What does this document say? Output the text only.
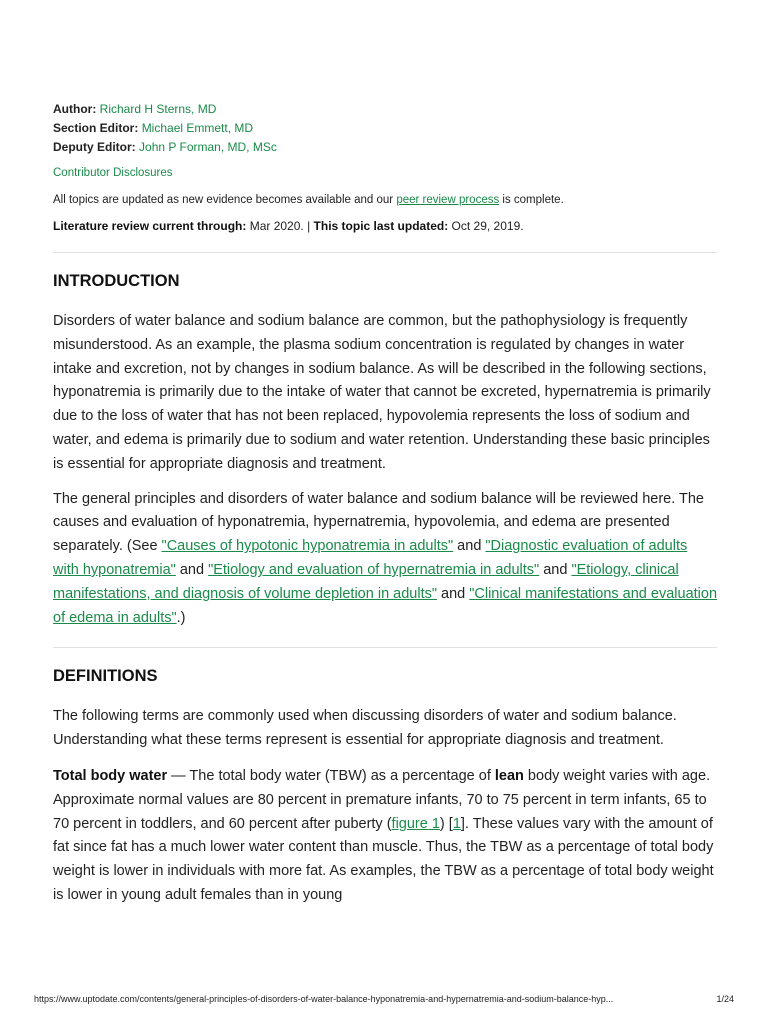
Author: Richard H Sterns, MD
Section Editor: Michael Emmett, MD
Deputy Editor: John P Forman, MD, MSc
Contributor Disclosures
All topics are updated as new evidence becomes available and our peer review process is complete.
Literature review current through: Mar 2020. | This topic last updated: Oct 29, 2019.
INTRODUCTION

Disorders of water balance and sodium balance are common, but the pathophysiology is frequently misunderstood. As an example, the plasma sodium concentration is regulated by changes in water intake and excretion, not by changes in sodium balance. As will be described in the following sections, hyponatremia is primarily due to the intake of water that cannot be excreted, hypernatremia is primarily due to the loss of water that has not been replaced, hypovolemia represents the loss of sodium and water, and edema is primarily due to sodium and water retention. Understanding these basic principles is essential for appropriate diagnosis and treatment.

The general principles and disorders of water balance and sodium balance will be reviewed here. The causes and evaluation of hyponatremia, hypernatremia, hypovolemia, and edema are presented separately. (See "Causes of hypotonic hyponatremia in adults" and "Diagnostic evaluation of adults with hyponatremia" and "Etiology and evaluation of hypernatremia in adults" and "Etiology, clinical manifestations, and diagnosis of volume depletion in adults" and "Clinical manifestations and evaluation of edema in adults".)

DEFINITIONS

The following terms are commonly used when discussing disorders of water and sodium balance. Understanding what these terms represent is essential for appropriate diagnosis and treatment.

Total body water — The total body water (TBW) as a percentage of lean body weight varies with age. Approximate normal values are 80 percent in premature infants, 70 to 75 percent in term infants, 65 to 70 percent in toddlers, and 60 percent after puberty (figure 1) [1]. These values vary with the amount of fat since fat has a much lower water content than muscle. Thus, the TBW as a percentage of total body weight is lower in individuals with more fat. As examples, the TBW as a percentage of total body weight is lower in young adult females than in young

https://www.uptodate.com/contents/general-principles-of-disorders-of-water-balance-hyponatremia-and-hypernatremia-and-sodium-balance-hyp...	1/24
